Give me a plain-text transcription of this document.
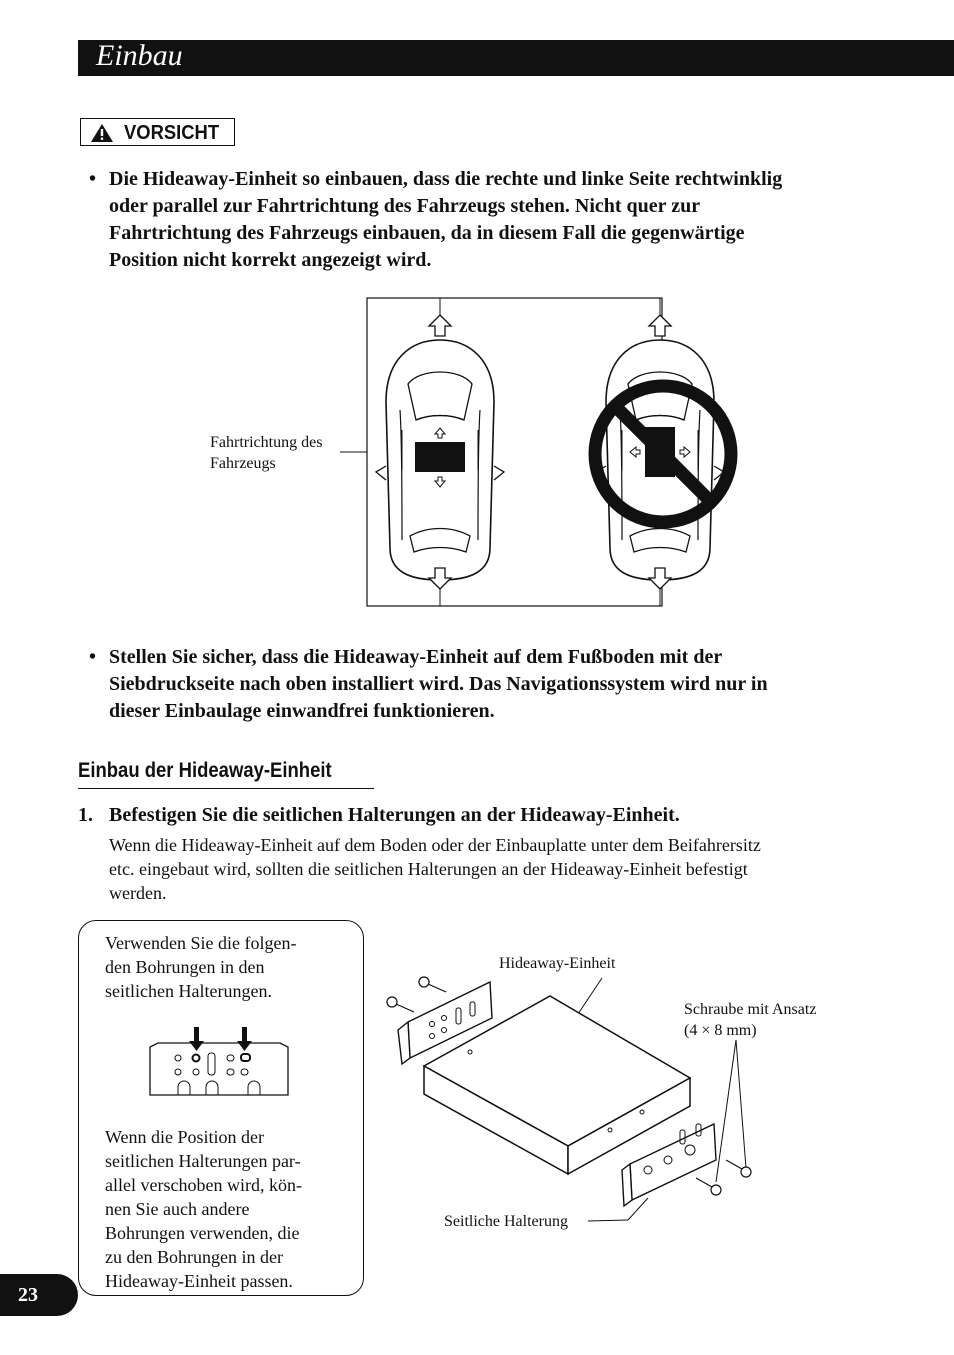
Einbau
VORSICHT
• Die Hideaway-Einheit so einbauen, dass die rechte und linke Seite rechtwinklig
oder parallel zur Fahrtrichtung des Fahrzeugs stehen. Nicht quer zur
Fahrtrichtung des Fahrzeugs einbauen, da in diesem Fall die gegenwärtige
Position nicht korrekt angezeigt wird.
Fahrtrichtung des
Fahrzeugs
• Stellen Sie sicher, dass die Hideaway-Einheit auf dem Fußboden mit der
Siebdruckseite nach oben installiert wird. Das Navigationssystem wird nur in
dieser Einbaulage einwandfrei funktionieren.
Einbau der Hideaway-Einheit
1. Befestigen Sie die seitlichen Halterungen an der Hideaway-Einheit.
Wenn die Hideaway-Einheit auf dem Boden oder der Einbauplatte unter dem Beifahrersitz
etc. eingebaut wird, sollten die seitlichen Halterungen an der Hideaway-Einheit befestigt
werden.
Verwenden Sie die folgen-
den Bohrungen in den
seitlichen Halterungen.
Wenn die Position der
seitlichen Halterungen par-
allel verschoben wird, kön-
nen Sie auch andere
Bohrungen verwenden, die
zu den Bohrungen in der
Hideaway-Einheit passen.
Hideaway-Einheit
Schraube mit Ansatz
(4 × 8 mm)
Seitliche Halterung
23
